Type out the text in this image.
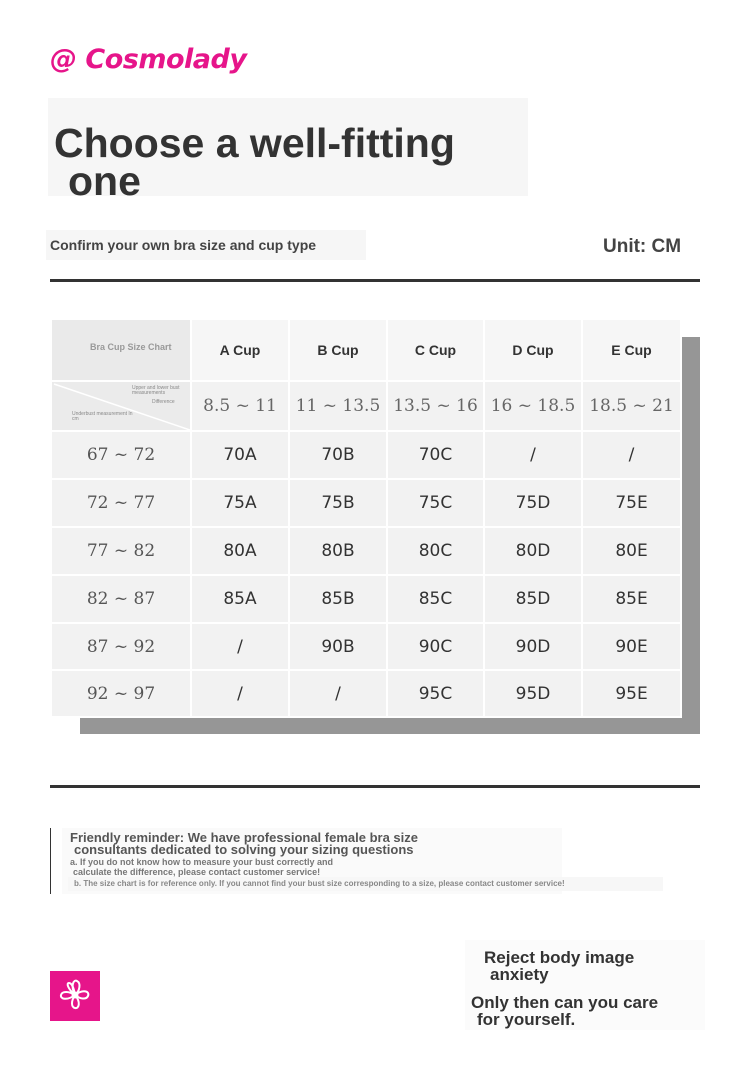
@ Cosmolady
Choose a well-fitting
one
Confirm your own bra size and cup type	Unit: CM
Bra Cup Size Chart	A Cup	B Cup	C Cup	D Cup	E Cup

Upper and lower bust measurements
Difference
Underbust measurement In cm	8.5 ~ 11	11 ~ 13.5	13.5 ~ 16	16 ~ 18.5	18.5 ~ 21
67 ~ 72	70A	70B	70C	/	/
72 ~ 77	75A	75B	75C	75D	75E
77 ~ 82	80A	80B	80C	80D	80E
82 ~ 87	85A	85B	85C	85D	85E
87 ~ 92	/	90B	90C	90D	90E
92 ~ 97	/	/	95C	95D	95E
Friendly reminder: We have professional female bra size
consultants dedicated to solving your sizing questions
a. If you do not know how to measure your bust correctly and
calculate the difference, please contact customer service!
b. The size chart is for reference only. If you cannot find your bust size corresponding to a size, please contact customer service!
Reject body image
anxiety
Only then can you care
for yourself.
